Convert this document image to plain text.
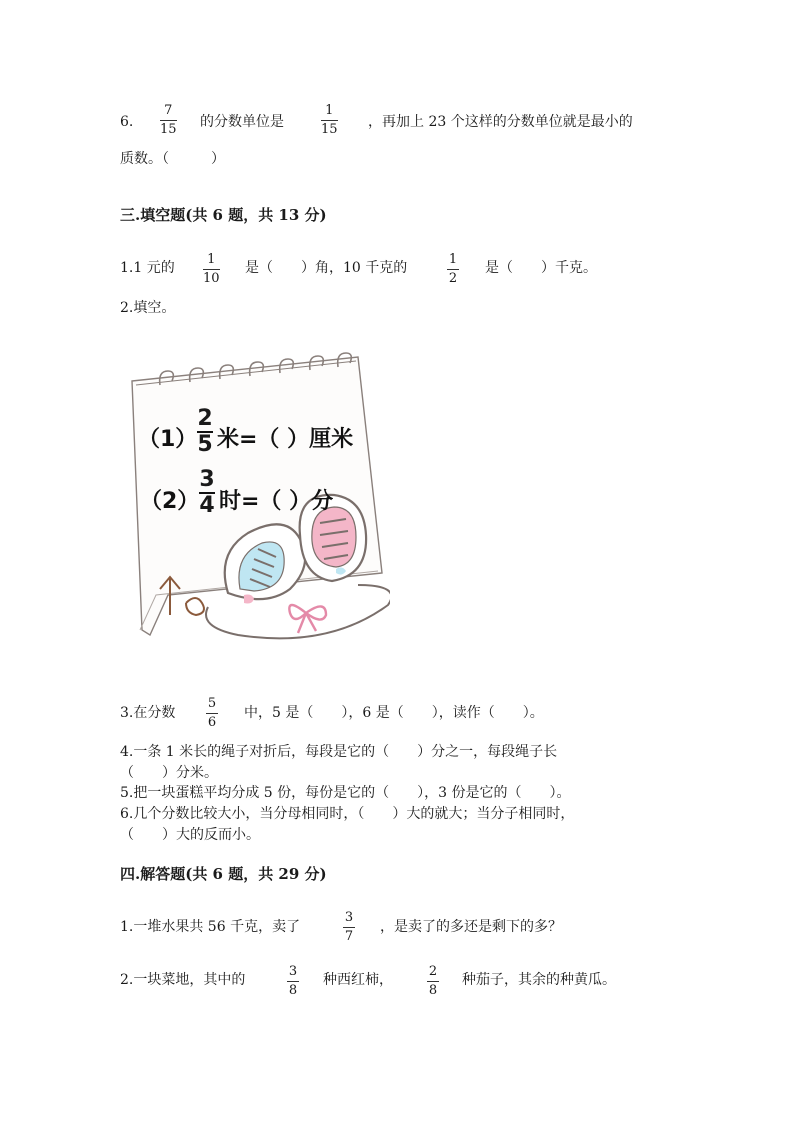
6.
7
15 的分数单位是
1
15 ，再加上 23 个这样的分数单位就是最小的
质数。（　　　）
三.填空题(共 6 题，共 13 分)
1.1 元的
1
10
是（　　）角，10 千克的
1
2
是（　　）千克。
2.填空。
（1）
2
5 米=（ ）厘米
（2）
3
4 时=（ ）分
3.在分数
5
6
中，5 是（　　），6 是（　　），读作（　　）。
4.一条 1 米长的绳子对折后，每段是它的（　　）分之一，每段绳子长
（　　）分米。
5.把一块蛋糕平均分成 5 份，每份是它的（　　），3 份是它的（　　）。
6.几个分数比较大小，当分母相同时，（　　）大的就大；当分子相同时，
（　　）大的反而小。
四.解答题(共 6 题，共 29 分)
1.一堆水果共 56 千克，卖了
3
7
，是卖了的多还是剩下的多？
2.一块菜地，其中的
3
8
种西红柿，
2
8
种茄子，其余的种黄瓜。
